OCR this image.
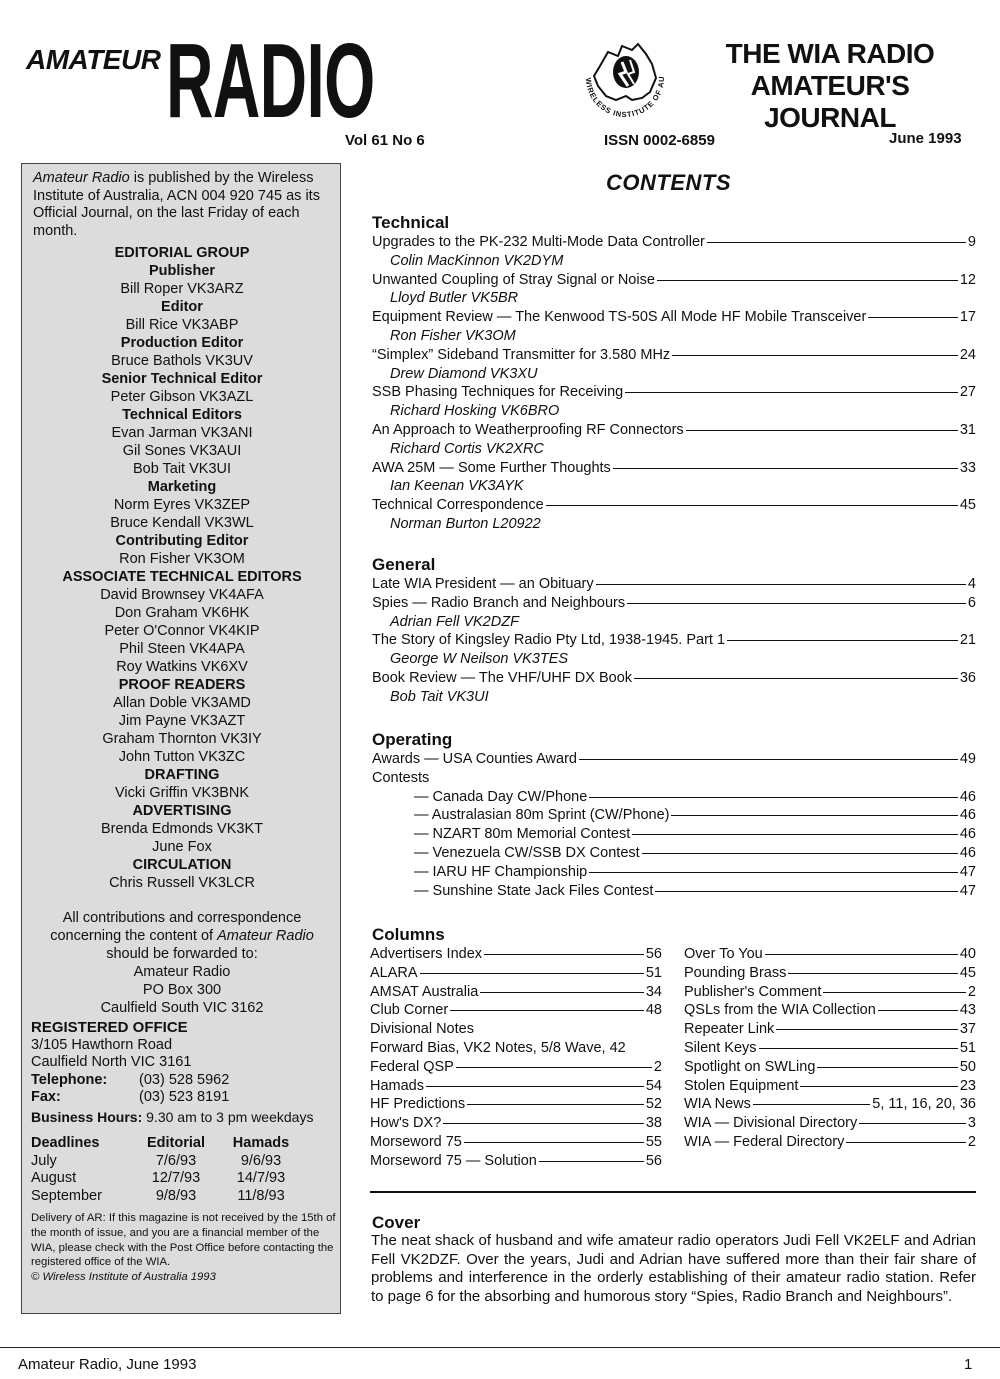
AMATEUR RADIO	WIRELESS INSTITUTE OF AU
THE WIA RADIO
AMATEUR'S JOURNAL
Vol 61 No 6	ISSN 0002-6859	June 1993
Amateur Radio is published by the Wireless Institute of Australia, ACN 004 920 745 as its Official Journal, on the last Friday of each month.
EDITORIAL GROUP
Publisher
Bill Roper VK3ARZ
Editor
Bill Rice VK3ABP
Production Editor
Bruce Bathols VK3UV
Senior Technical Editor
Peter Gibson VK3AZL
Technical Editors
Evan Jarman VK3ANI
Gil Sones VK3AUI
Bob Tait VK3UI
Marketing
Norm Eyres VK3ZEP
Bruce Kendall VK3WL
Contributing Editor
Ron Fisher VK3OM
ASSOCIATE TECHNICAL EDITORS
David Brownsey VK4AFA
Don Graham VK6HK
Peter O'Connor VK4KIP
Phil Steen VK4APA
Roy Watkins VK6XV
PROOF READERS
Allan Doble VK3AMD
Jim Payne VK3AZT
Graham Thornton VK3IY
John Tutton VK3ZC
DRAFTING
Vicki Griffin VK3BNK
ADVERTISING
Brenda Edmonds VK3KT
June Fox
CIRCULATION
Chris Russell VK3LCR
All contributions and correspondence
concerning the content of Amateur Radio
should be forwarded to:
Amateur Radio
PO Box 300
Caulfield South VIC 3162
REGISTERED OFFICE
3/105 Hawthorn Road
Caulfield North VIC 3161
Telephone:	(03) 528 5962
Fax:	(03) 523 8191
Business Hours: 9.30 am to 3 pm weekdays
Deadlines	Editorial	Hamads
July	7/6/93	9/6/93
August	12/7/93	14/7/93
September	9/8/93	11/8/93
Delivery of AR: If this magazine is not received by the 15th of the month of issue, and you are a financial member of the WIA, please check with the Post Office before contacting the registered office of the WIA.
© Wireless Institute of Australia 1993
CONTENTS
Technical
Upgrades to the PK-232 Multi-Mode Data Controller	9
Colin MacKinnon VK2DYM
Unwanted Coupling of Stray Signal or Noise	12
Lloyd Butler VK5BR
Equipment Review — The Kenwood TS-50S All Mode HF Mobile Transceiver	17
Ron Fisher VK3OM
“Simplex” Sideband Transmitter for 3.580 MHz	24
Drew Diamond VK3XU
SSB Phasing Techniques for Receiving	27
Richard Hosking VK6BRO
An Approach to Weatherproofing RF Connectors	31
Richard Cortis VK2XRC
AWA 25M — Some Further Thoughts	33
Ian Keenan VK3AYK
Technical Correspondence	45
Norman Burton L20922
General
Late WIA President — an Obituary	4
Spies — Radio Branch and Neighbours	6
Adrian Fell VK2DZF
The Story of Kingsley Radio Pty Ltd, 1938-1945. Part 1	21
George W Neilson VK3TES
Book Review — The VHF/UHF DX Book	36
Bob Tait VK3UI
Operating
Awards — USA Counties Award	49
Contests
— Canada Day CW/Phone	46
— Australasian 80m Sprint (CW/Phone)	46
— NZART 80m Memorial Contest	46
— Venezuela CW/SSB DX Contest	46
— IARU HF Championship	47
— Sunshine State Jack Files Contest	47
Columns
Advertisers Index	56
ALARA	51
AMSAT Australia	34
Club Corner	48
Divisional Notes
Forward Bias, VK2 Notes, 5/8 Wave, 42
Federal QSP	2
Hamads	54
HF Predictions	52
How's DX?	38
Morseword 75	55
Morseword 75 — Solution	56
Over To You	40
Pounding Brass	45
Publisher's Comment	2
QSLs from the WIA Collection	43
Repeater Link	37
Silent Keys	51
Spotlight on SWLing	50
Stolen Equipment	23
WIA News	5, 11, 16, 20, 36
WIA — Divisional Directory	3
WIA — Federal Directory	2
Cover
The neat shack of husband and wife amateur radio operators Judi Fell VK2ELF and Adrian Fell VK2DZF. Over the years, Judi and Adrian have suffered more than their fair share of problems and interference in the orderly establishing of their amateur radio station. Refer to page 6 for the absorbing and humorous story “Spies, Radio Branch and Neighbours”.
Amateur Radio, June 1993	1
